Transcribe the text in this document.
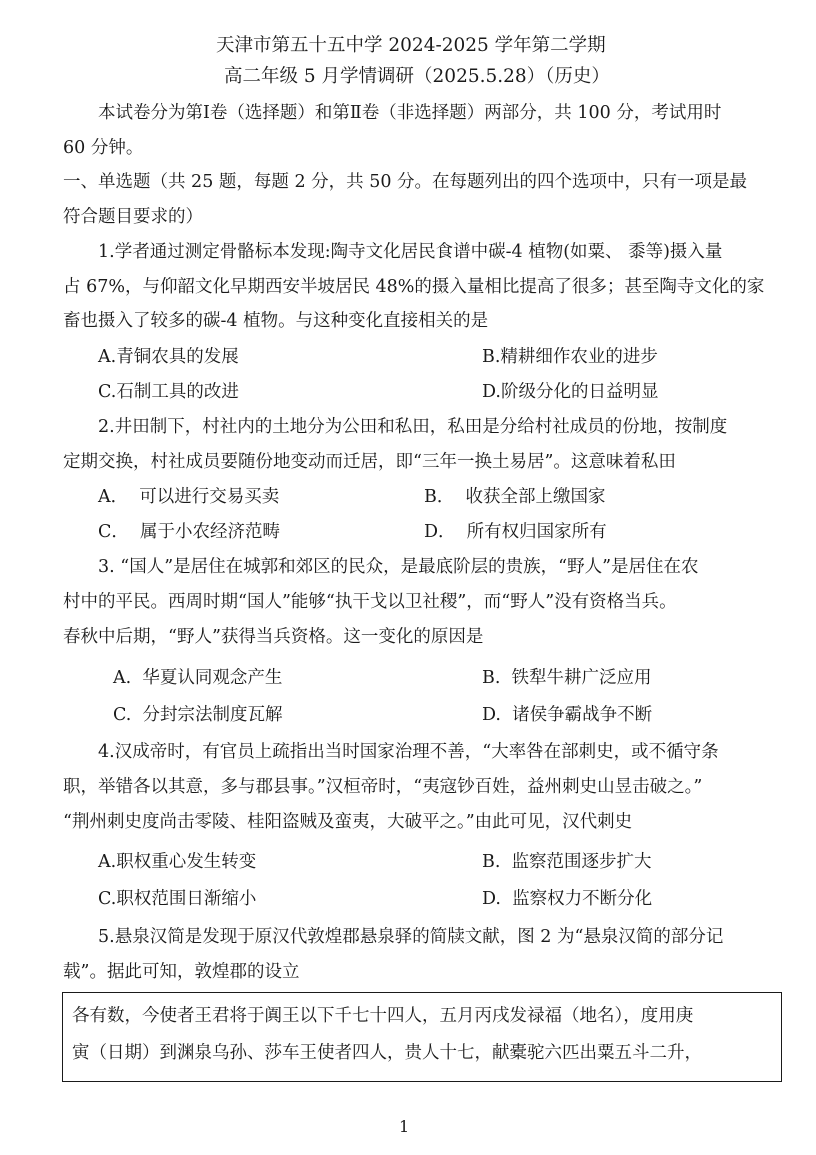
天津市第五十五中学 2024-2025 学年第二学期
高二年级 5 月学情调研（2025.5.28）（历史）
本试卷分为第Ⅰ卷（选择题）和第Ⅱ卷（非选择题）两部分，共 100 分，考试用时
60 分钟。
一、单选题（共 25 题，每题 2 分，共 50 分。在每题列出的四个选项中，只有一项是最
符合题目要求的）
1.学者通过测定骨骼标本发现:陶寺文化居民食谱中碳-4 植物(如粟、 黍等)摄入量
占 67%，与仰韶文化早期西安半坡居民 48%的摄入量相比提高了很多；甚至陶寺文化的家
畜也摄入了较多的碳-4 植物。与这种变化直接相关的是
A.青铜农具的发展	B.精耕细作农业的进步
C.石制工具的改进	D.阶级分化的日益明显
2.井田制下，村社内的土地分为公田和私田，私田是分给村社成员的份地，按制度
定期交换，村社成员要随份地变动而迁居，即“三年一换土易居”。这意味着私田
A．  可以进行交易买卖	B．  收获全部上缴国家
C．  属于小农经济范畴	D．  所有权归国家所有
3. “国人”是居住在城郭和郊区的民众，是最底阶层的贵族，“野人”是居住在农
村中的平民。西周时期“国人”能够“执干戈以卫社稷”，而“野人”没有资格当兵。
春秋中后期，“野人”获得当兵资格。这一变化的原因是
A.  华夏认同观念产生	B.  铁犁牛耕广泛应用
C.  分封宗法制度瓦解	D.  诸侯争霸战争不断
4.汉成帝时，有官员上疏指出当时国家治理不善，“大率咎在部刺史，或不循守条
职，举错各以其意，多与郡县事。”汉桓帝时，“夷寇钞百姓，益州刺史山昱击破之。”
“荆州刺史度尚击零陵、桂阳盗贼及蛮夷，大破平之。”由此可见，汉代刺史
A.职权重心发生转变	B.  监察范围逐步扩大
C.职权范围日渐缩小	D.  监察权力不断分化
5.悬泉汉简是发现于原汉代敦煌郡悬泉驿的简牍文献，图 2 为“悬泉汉简的部分记
载”。据此可知，敦煌郡的设立
各有数，今使者王君将于阗王以下千七十四人，五月丙戌发禄福（地名），度用庚
寅（日期）到渊泉乌孙、莎车王使者四人，贵人十七，献橐驼六匹出粟五斗二升，
1
